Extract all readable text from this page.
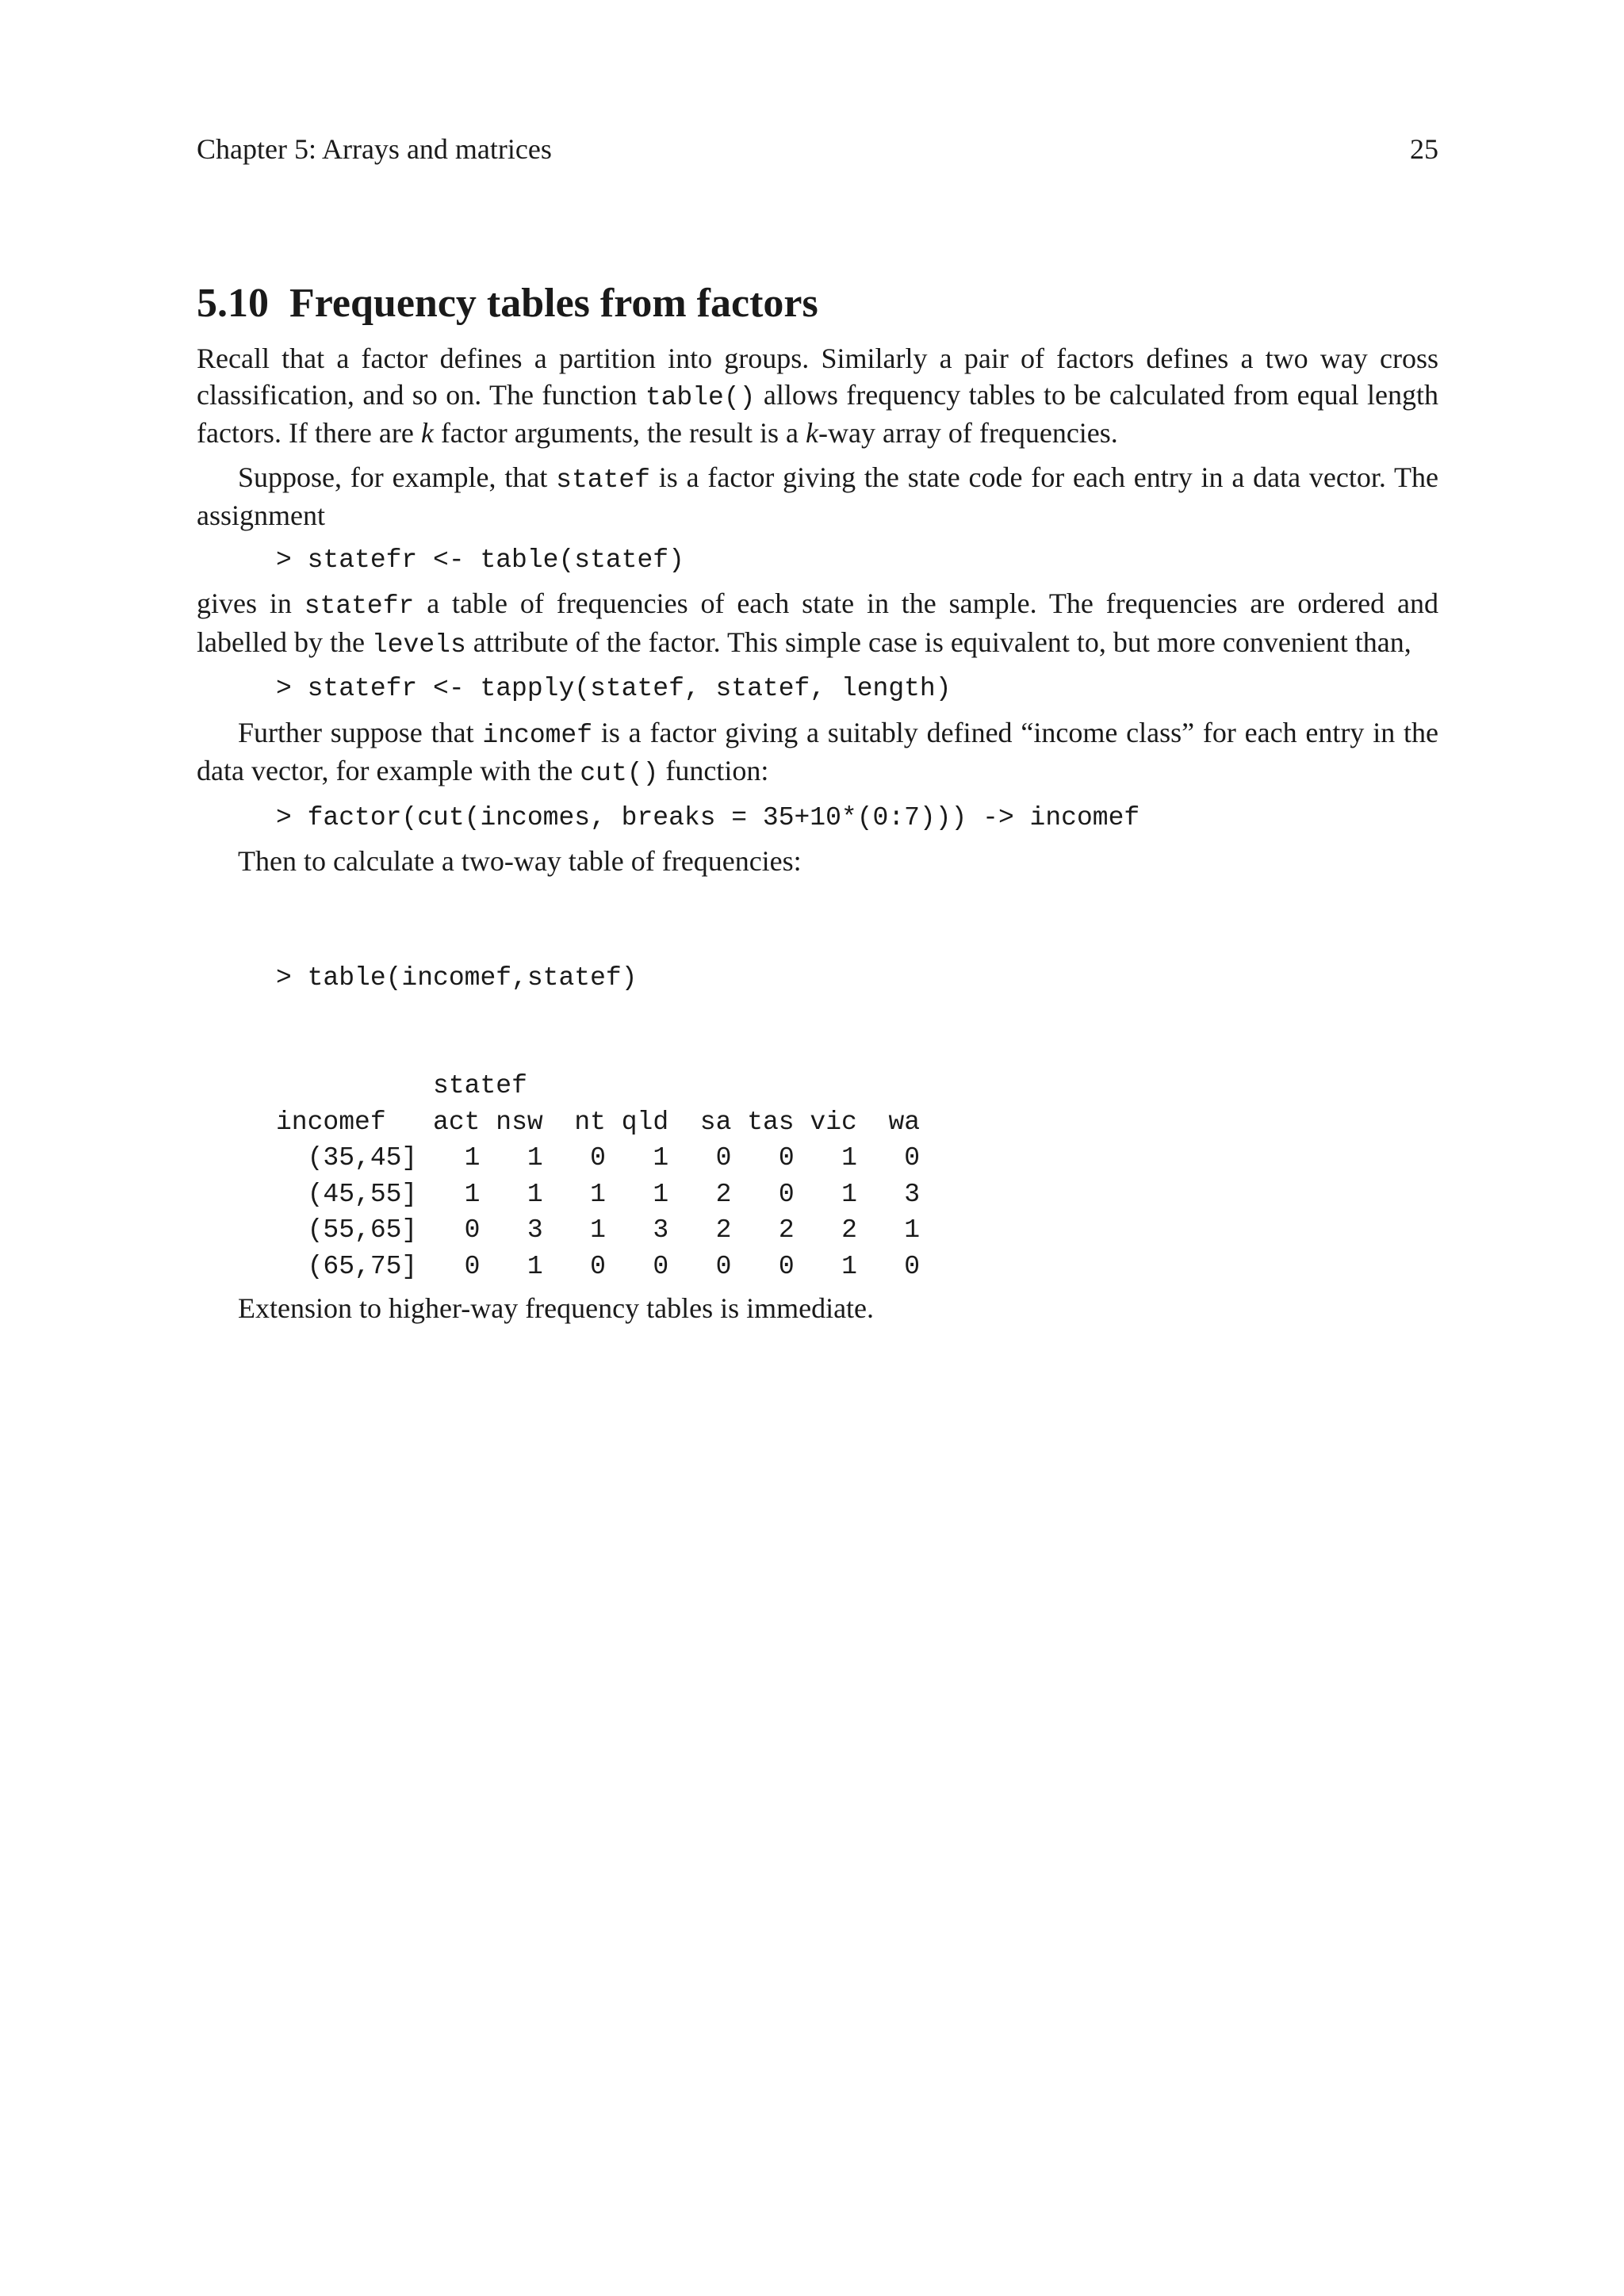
Chapter 5: Arrays and matrices	25
5.10 Frequency tables from factors

Recall that a factor defines a partition into groups. Similarly a pair of factors defines a two way cross classification, and so on. The function table() allows frequency tables to be calculated from equal length factors. If there are k factor arguments, the result is a k-way array of frequencies.

Suppose, for example, that statef is a factor giving the state code for each entry in a data vector. The assignment

> statefr <- table(statef)

gives in statefr a table of frequencies of each state in the sample. The frequencies are ordered and labelled by the levels attribute of the factor. This simple case is equivalent to, but more convenient than,

> statefr <- tapply(statef, statef, length)

Further suppose that incomef is a factor giving a suitably defined “income class” for each entry in the data vector, for example with the cut() function:

> factor(cut(incomes, breaks = 35+10*(0:7))) -> incomef

Then to calculate a two-way table of frequencies:

> table(incomef,statef)

statef
incomef act nsw nt qld sa tas vic wa
(35,45] 1 1 0 1 0 0 1 0
(45,55] 1 1 1 1 2 0 1 3
(55,65] 0 3 1 3 2 2 2 1
(65,75] 0 1 0 0 0 0 1 0

Extension to higher-way frequency tables is immediate.
